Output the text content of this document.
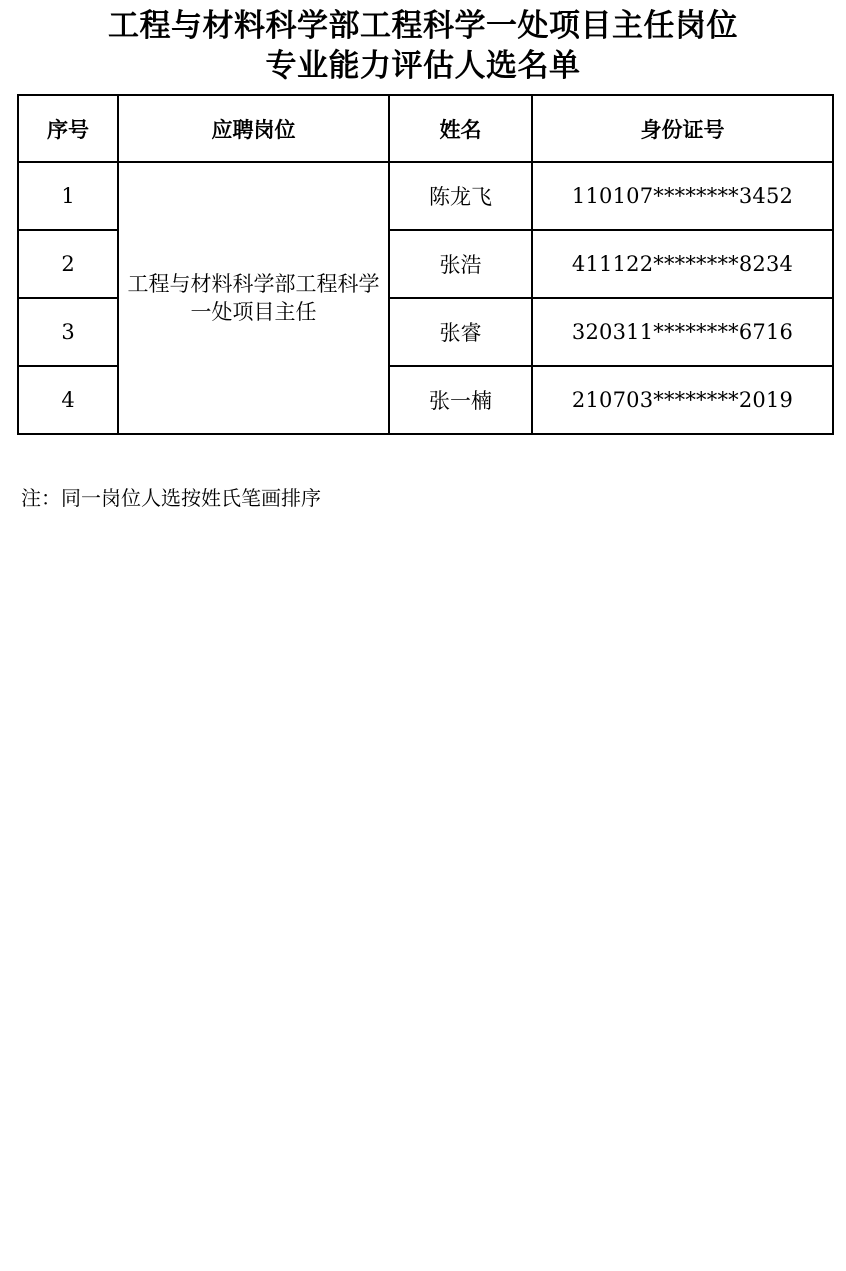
工程与材料科学部工程科学一处项目主任岗位
专业能力评估人选名单
序号	应聘岗位	姓名	身份证号
1	工程与材料科学部工程科学一处项目主任	陈龙飞	110107********3452
2		张浩	411122********8234
3		张睿	320311********6716
4		张一楠	210703********2019
注：同一岗位人选按姓氏笔画排序
